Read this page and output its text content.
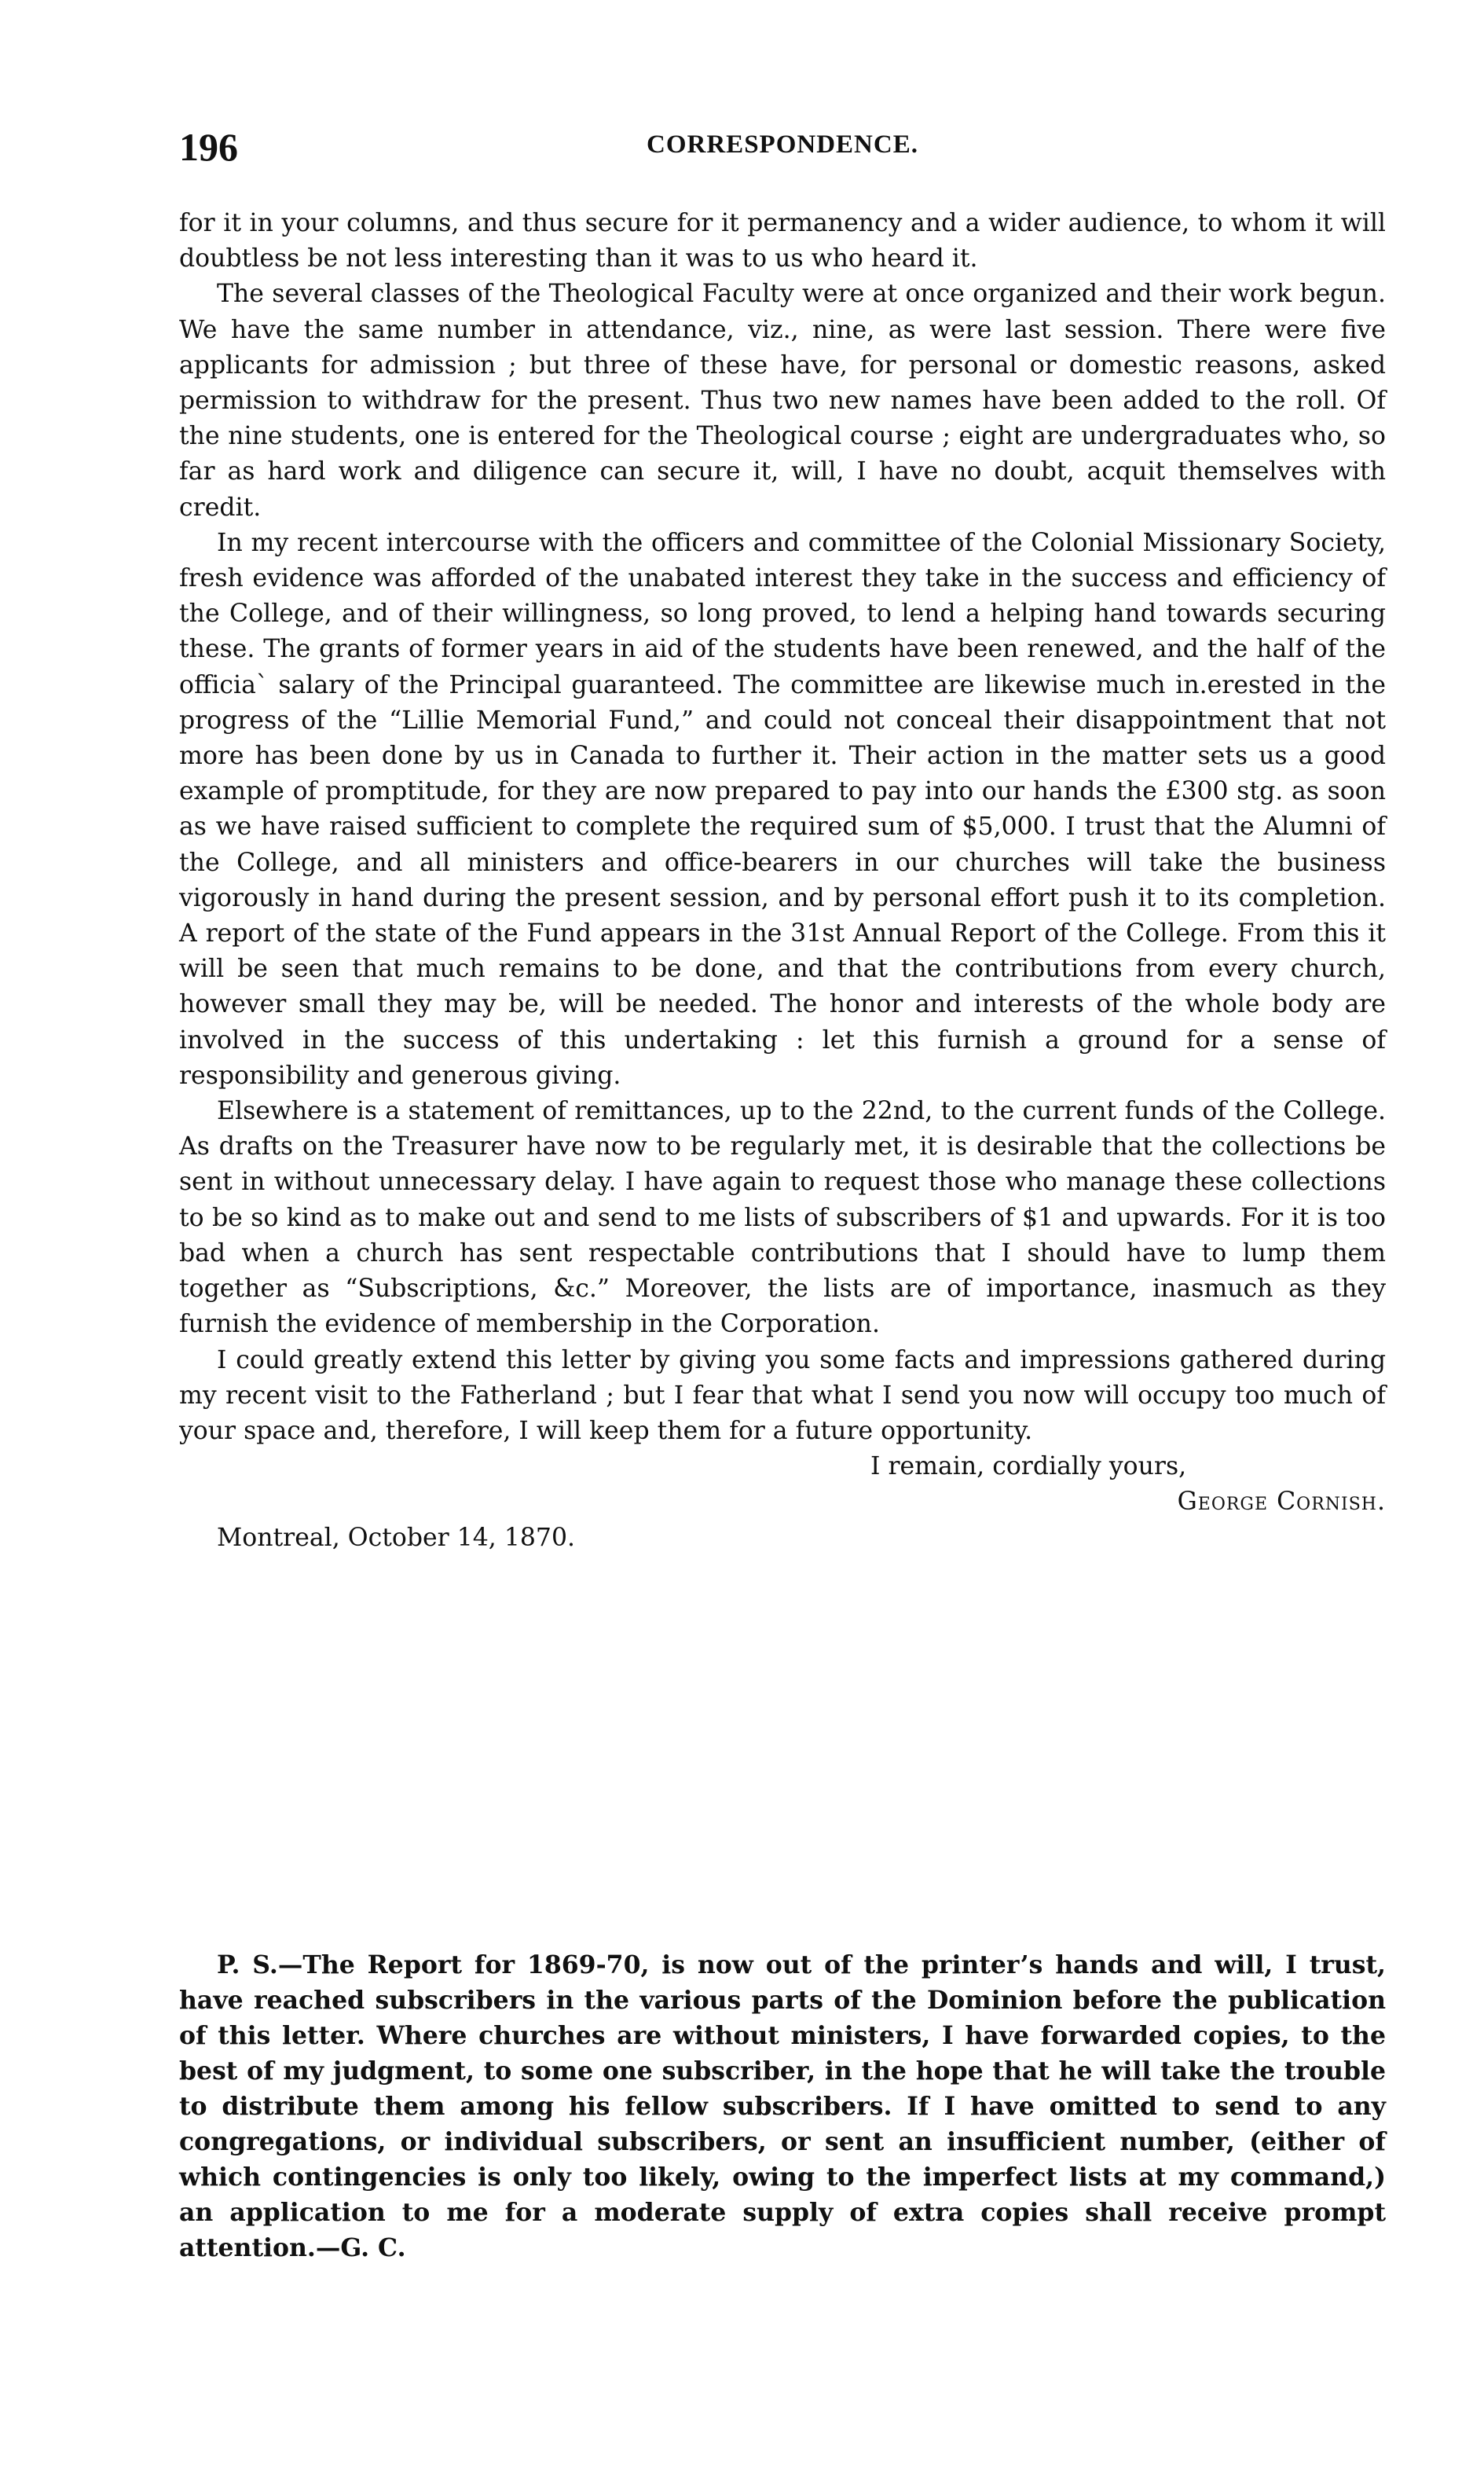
196	CORRESPONDENCE.

for it in your columns, and thus secure for it permanency and a wider audience, to whom it will doubtless be not less interesting than it was to us who heard it.

The several classes of the Theological Faculty were at once organized and their work begun. We have the same number in attendance, viz., nine, as were last session. There were five applicants for admission ; but three of these have, for personal or domestic reasons, asked permission to withdraw for the present. Thus two new names have been added to the roll. Of the nine students, one is entered for the Theological course ; eight are undergraduates who, so far as hard work and diligence can secure it, will, I have no doubt, acquit themselves with credit.

In my recent intercourse with the officers and committee of the Colonial Missionary Society, fresh evidence was afforded of the unabated interest they take in the success and efficiency of the College, and of their willingness, so long proved, to lend a helping hand towards securing these. The grants of former years in aid of the students have been renewed, and the half of the officia` salary of the Principal guaranteed. The committee are likewise much in.erested in the progress of the “Lillie Memorial Fund,” and could not conceal their disappointment that not more has been done by us in Canada to further it. Their action in the matter sets us a good example of promptitude, for they are now prepared to pay into our hands the £300 stg. as soon as we have raised sufficient to complete the required sum of $5,000. I trust that the Alumni of the College, and all ministers and office-bearers in our churches will take the business vigorously in hand during the present session, and by personal effort push it to its completion. A report of the state of the Fund appears in the 31st Annual Report of the College. From this it will be seen that much remains to be done, and that the contributions from every church, however small they may be, will be needed. The honor and interests of the whole body are involved in the success of this undertaking : let this furnish a ground for a sense of responsibility and generous giving.

Elsewhere is a statement of remittances, up to the 22nd, to the current funds of the College. As drafts on the Treasurer have now to be regularly met, it is desirable that the collections be sent in without unnecessary delay. I have again to request those who manage these collections to be so kind as to make out and send to me lists of subscribers of $1 and upwards. For it is too bad when a church has sent respectable contributions that I should have to lump them together as “Subscriptions, &c.” Moreover, the lists are of importance, inasmuch as they furnish the evidence of membership in the Corporation.

I could greatly extend this letter by giving you some facts and impressions gathered during my recent visit to the Fatherland ; but I fear that what I send you now will occupy too much of your space and, therefore, I will keep them for a future opportunity.

I remain, cordially yours,

George Cornish.

Montreal, October 14, 1870.

P. S.—The Report for 1869-70, is now out of the printer’s hands and will, I trust, have reached subscribers in the various parts of the Dominion before the publication of this letter. Where churches are without ministers, I have forwarded copies, to the best of my judgment, to some one subscriber, in the hope that he will take the trouble to distribute them among his fellow subscribers. If I have omitted to send to any congregations, or individual subscribers, or sent an insufficient number, (either of which contingencies is only too likely, owing to the imperfect lists at my command,) an application to me for a moderate supply of extra copies shall receive prompt attention.—G. C.
